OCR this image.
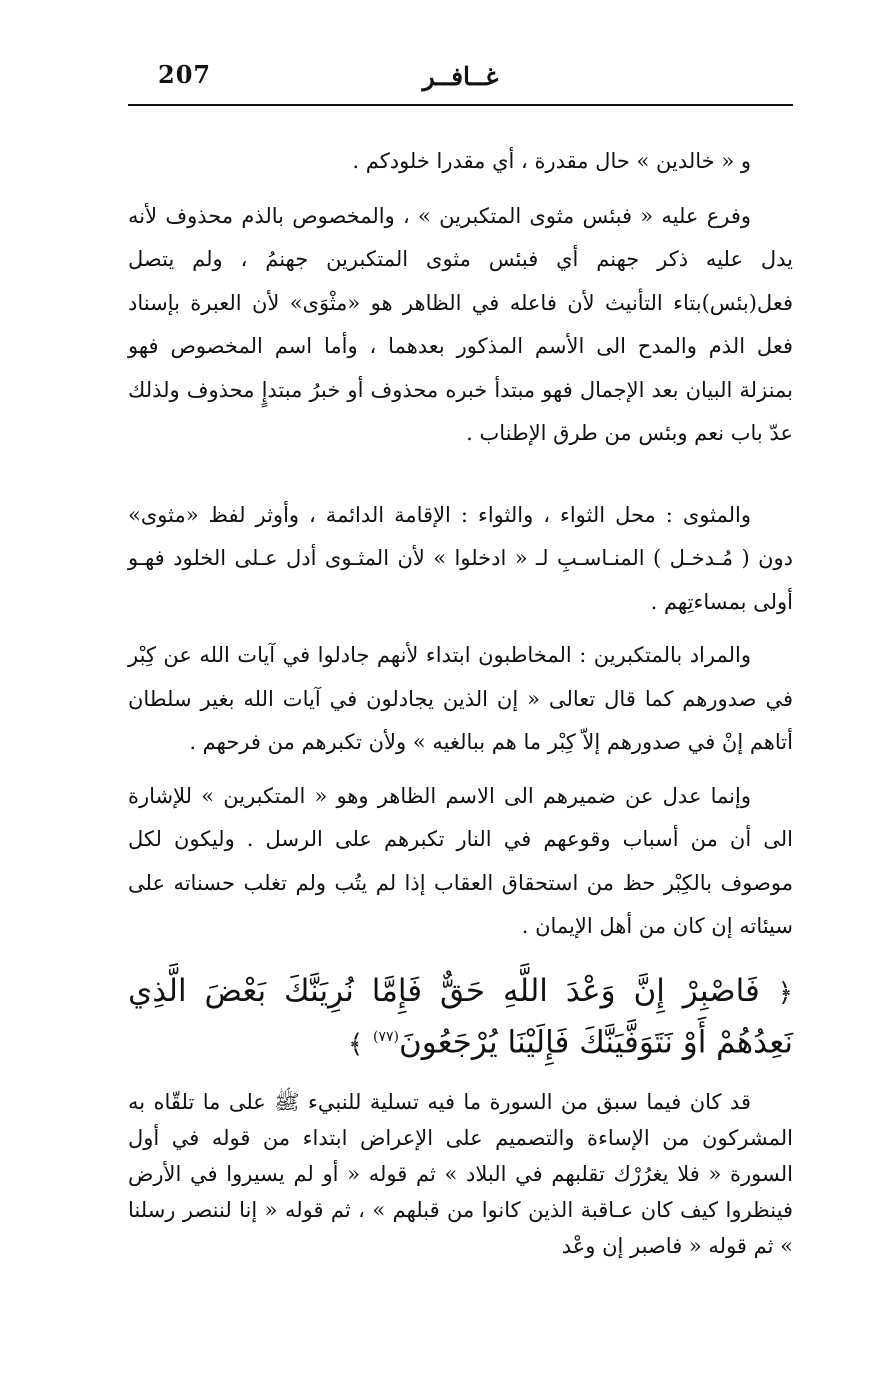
207	غــافــر

و « خالدين » حال مقدرة ، أي مقدرا خلودكم .

وفرع عليه « فبئس مثوى المتكبرين » ، والمخصوص بالذم محذوف لأنه يدل عليه ذكر جهنم أي فبئس مثوى المتكبرين جهنمُ ، ولم يتصل فعل(بئس)بتاء التأنيث لأن فاعله في الظاهر هو «مثْوَى» لأن العبرة بإسناد فعل الذم والمدح الى الأسم المذكور بعدهما ، وأما اسم المخصوص فهو بمنزلة البيان بعد الإجمال فهو مبتدأ خبره محذوف أو خبرُ مبتدإٍ محذوف ولذلك عدّ باب نعم وبئس من طرق الإطناب .

والمثوى : محل الثواء ، والثواء : الإقامة الدائمة ، وأوثر لفظ «مثوى» دون ( مُـدخـل ) المنـاسـبِ لـ « ادخلوا » لأن المثـوى أدل عـلى الخلود فهـو أولى بمساءتِهم .

والمراد بالمتكبرين : المخاطبون ابتداء لأنهم جادلوا في آيات الله عن كِبْر في صدورهم كما قال تعالى « إن الذين يجادلون في آيات الله بغير سلطان أتاهم إنْ في صدورهم إلاّ كِبْر ما هم ببالغيه » ولأن تكبرهم من فرحهم .

وإنما عدل عن ضميرهم الى الاسم الظاهر وهو « المتكبرين » للإشارة الى أن من أسباب وقوعهم في النار تكبرهم على الرسل . وليكون لكل موصوف بالكِبْر حظ من استحقاق العقاب إذا لم يتُب ولم تغلب حسناته على سيئاته إن كان من أهل الإيمان .

﴿ فَاصْبِرْ إِنَّ وَعْدَ اللَّهِ حَقٌّ فَإِمَّا نُرِيَنَّكَ بَعْضَ الَّذِي نَعِدُهُمْ أَوْ نَتَوَفَّيَنَّكَ فَإِلَيْنَا يُرْجَعُونَ$^{(٧٧)}$ ﴾

قد كان فيما سبق من السورة ما فيه تسلية للنبيء ﷺ على ما تلقّاه به المشركون من الإساءة والتصميم على الإعراض ابتداء من قوله في أول السورة « فلا يغرُرْك تقلبهم في البلاد » ثم قوله « أو لم يسيروا في الأرض فينظروا كيف كان عـاقبة الذين كانوا من قبلهم » ، ثم قوله « إنا لننصر رسلنا » ثم قوله « فاصبر إن وعْد
